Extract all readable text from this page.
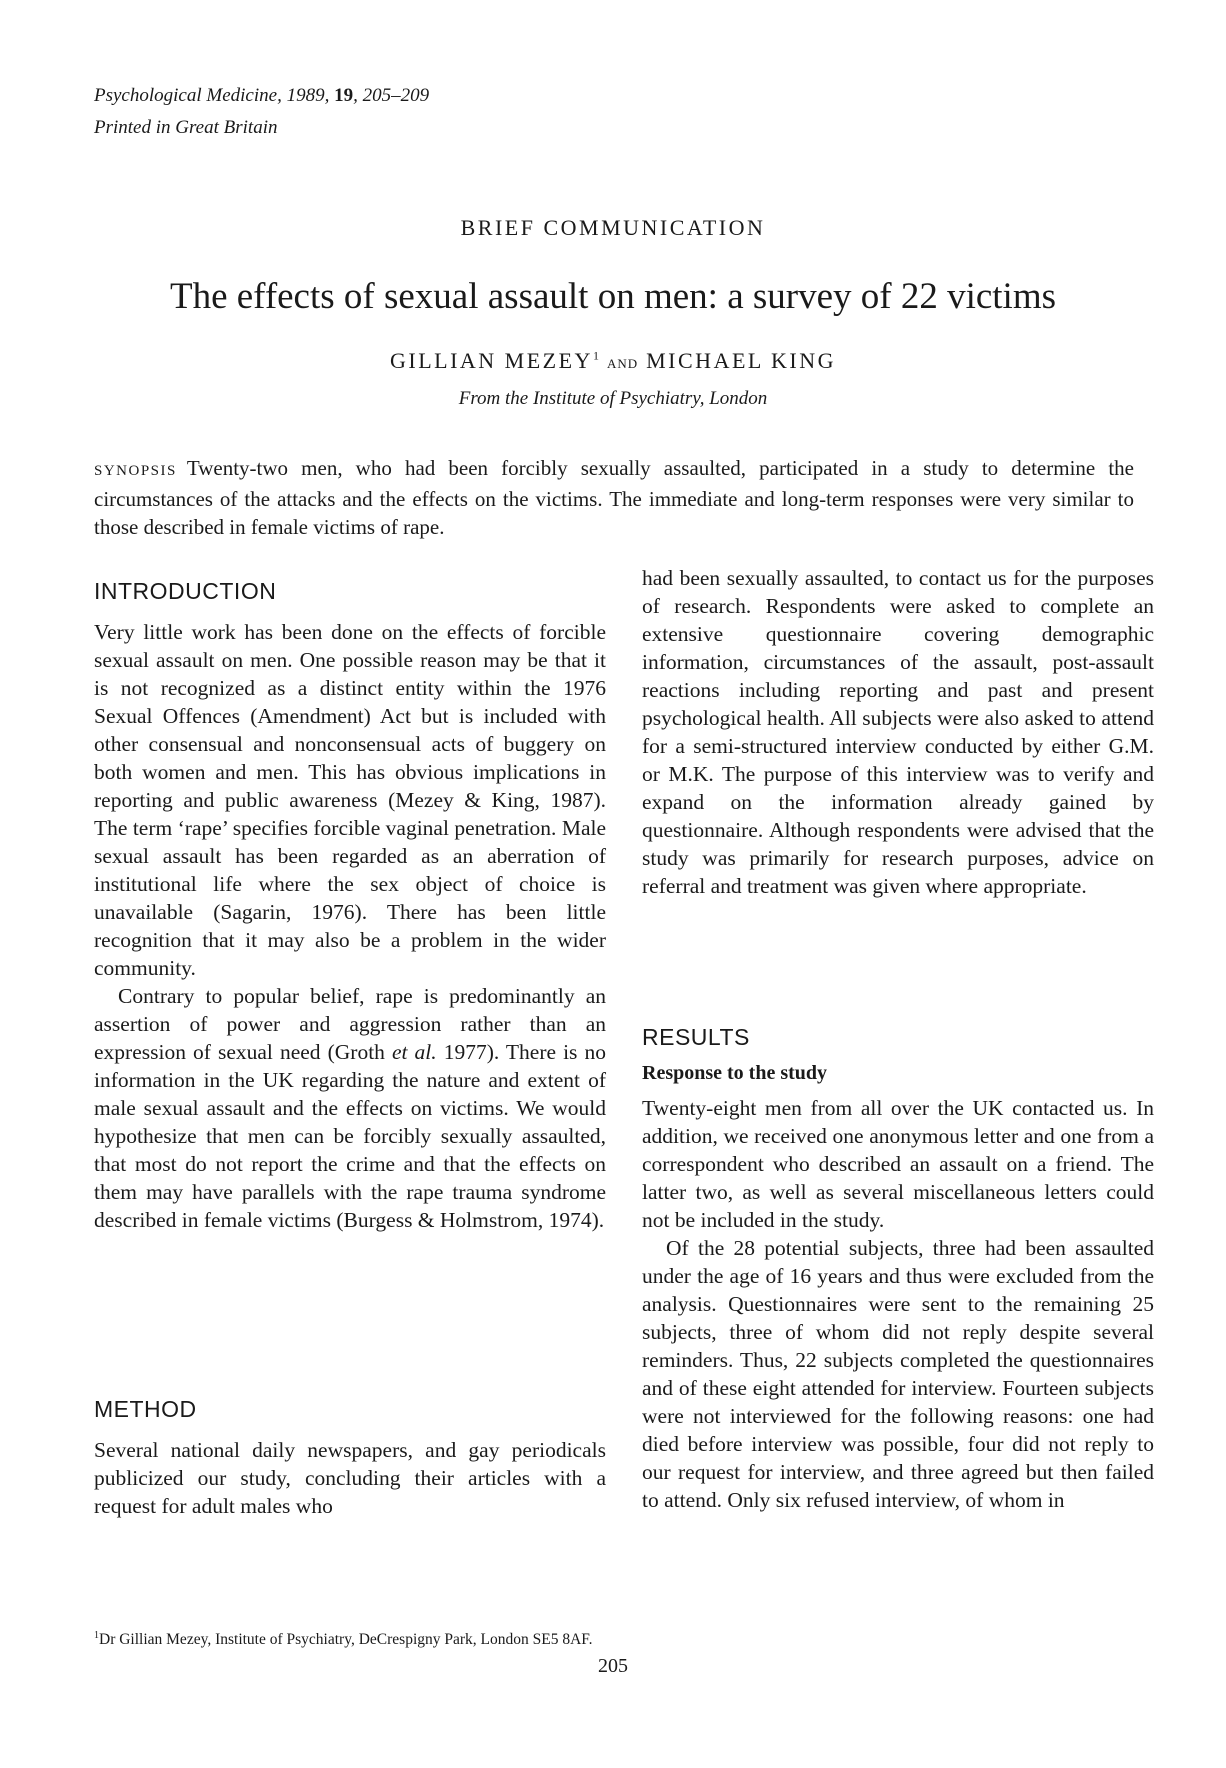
Psychological Medicine, 1989, 19, 205–209
Printed in Great Britain
BRIEF COMMUNICATION
The effects of sexual assault on men: a survey of 22 victims
GILLIAN MEZEY$^1$ AND MICHAEL KING
From the Institute of Psychiatry, London
SYNOPSIS Twenty-two men, who had been forcibly sexually assaulted, participated in a study to determine the circumstances of the attacks and the effects on the victims. The immediate and long-term responses were very similar to those described in female victims of rape.
INTRODUCTION

Very little work has been done on the effects of forcible sexual assault on men. One possible reason may be that it is not recognized as a distinct entity within the 1976 Sexual Offences (Amendment) Act but is included with other consensual and nonconsensual acts of buggery on both women and men. This has obvious implications in reporting and public awareness (Mezey & King, 1987). The term ‘rape’ specifies forcible vaginal penetration. Male sexual assault has been regarded as an aberration of institutional life where the sex object of choice is unavailable (Sagarin, 1976). There has been little recognition that it may also be a problem in the wider community.

Contrary to popular belief, rape is predominantly an assertion of power and aggression rather than an expression of sexual need (Groth et al. 1977). There is no information in the UK regarding the nature and extent of male sexual assault and the effects on victims. We would hypothesize that men can be forcibly sexually assaulted, that most do not report the crime and that the effects on them may have parallels with the rape trauma syndrome described in female victims (Burgess & Holmstrom, 1974).

METHOD

Several national daily newspapers, and gay periodicals publicized our study, concluding their articles with a request for adult males who

$^1$Dr Gillian Mezey, Institute of Psychiatry, DeCrespigny Park, London SE5 8AF.

had been sexually assaulted, to contact us for the purposes of research. Respondents were asked to complete an extensive questionnaire covering demographic information, circumstances of the assault, post-assault reactions including reporting and past and present psychological health. All subjects were also asked to attend for a semi-structured interview conducted by either G.M. or M.K. The purpose of this interview was to verify and expand on the information already gained by questionnaire. Although respondents were advised that the study was primarily for research purposes, advice on referral and treatment was given where appropriate.

RESULTS
Response to the study

Twenty-eight men from all over the UK contacted us. In addition, we received one anonymous letter and one from a correspondent who described an assault on a friend. The latter two, as well as several miscellaneous letters could not be included in the study.

Of the 28 potential subjects, three had been assaulted under the age of 16 years and thus were excluded from the analysis. Questionnaires were sent to the remaining 25 subjects, three of whom did not reply despite several reminders. Thus, 22 subjects completed the questionnaires and of these eight attended for interview. Fourteen subjects were not interviewed for the following reasons: one had died before interview was possible, four did not reply to our request for interview, and three agreed but then failed to attend. Only six refused interview, of whom in

205
